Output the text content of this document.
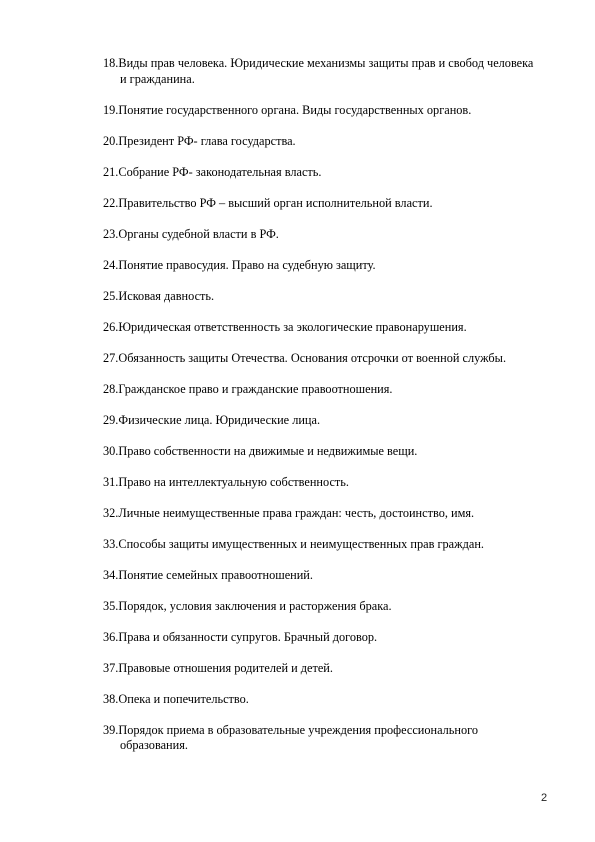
18.Виды прав человека. Юридические механизмы защиты прав и свобод человека и гражданина.
19.Понятие государственного органа. Виды государственных органов.
20.Президент РФ- глава государства.
21.Собрание РФ- законодательная власть.
22.Правительство РФ – высший орган исполнительной власти.
23.Органы судебной власти в РФ.
24.Понятие правосудия. Право на судебную защиту.
25.Исковая давность.
26.Юридическая ответственность за экологические правонарушения.
27.Обязанность защиты Отечества. Основания отсрочки от военной службы.
28.Гражданское право и гражданские правоотношения.
29.Физические лица. Юридические лица.
30.Право собственности на движимые и недвижимые вещи.
31.Право на интеллектуальную собственность.
32.Личные неимущественные права граждан: честь, достоинство, имя.
33.Способы защиты имущественных и неимущественных прав граждан.
34.Понятие семейных правоотношений.
35.Порядок, условия заключения и расторжения брака.
36.Права и обязанности супругов. Брачный договор.
37.Правовые отношения родителей и детей.
38.Опека и попечительство.
39.Порядок приема в образовательные учреждения профессионального образования.
2
